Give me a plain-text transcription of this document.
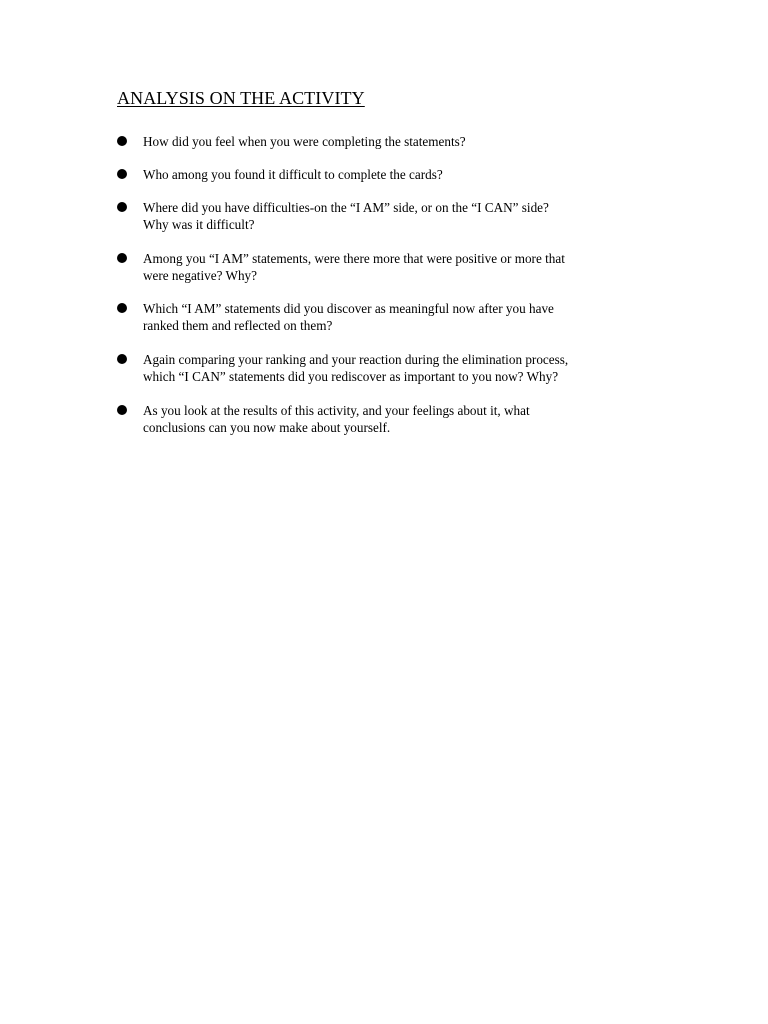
ANALYSIS ON THE ACTIVITY
How did you feel when you were completing the statements?
Who among you found it difficult to complete the cards?
Where did you have difficulties-on the “I AM” side, or on the “I CAN” side?
Why was it difficult?
Among you “I AM” statements, were there more that were positive or more that
were negative? Why?
Which “I AM” statements did you discover as meaningful now after you have
ranked them and reflected on them?
Again comparing your ranking and your reaction during the elimination process,
which “I CAN” statements did you rediscover as important to you now? Why?
As you look at the results of this activity, and your feelings about it, what
conclusions can you now make about yourself.
